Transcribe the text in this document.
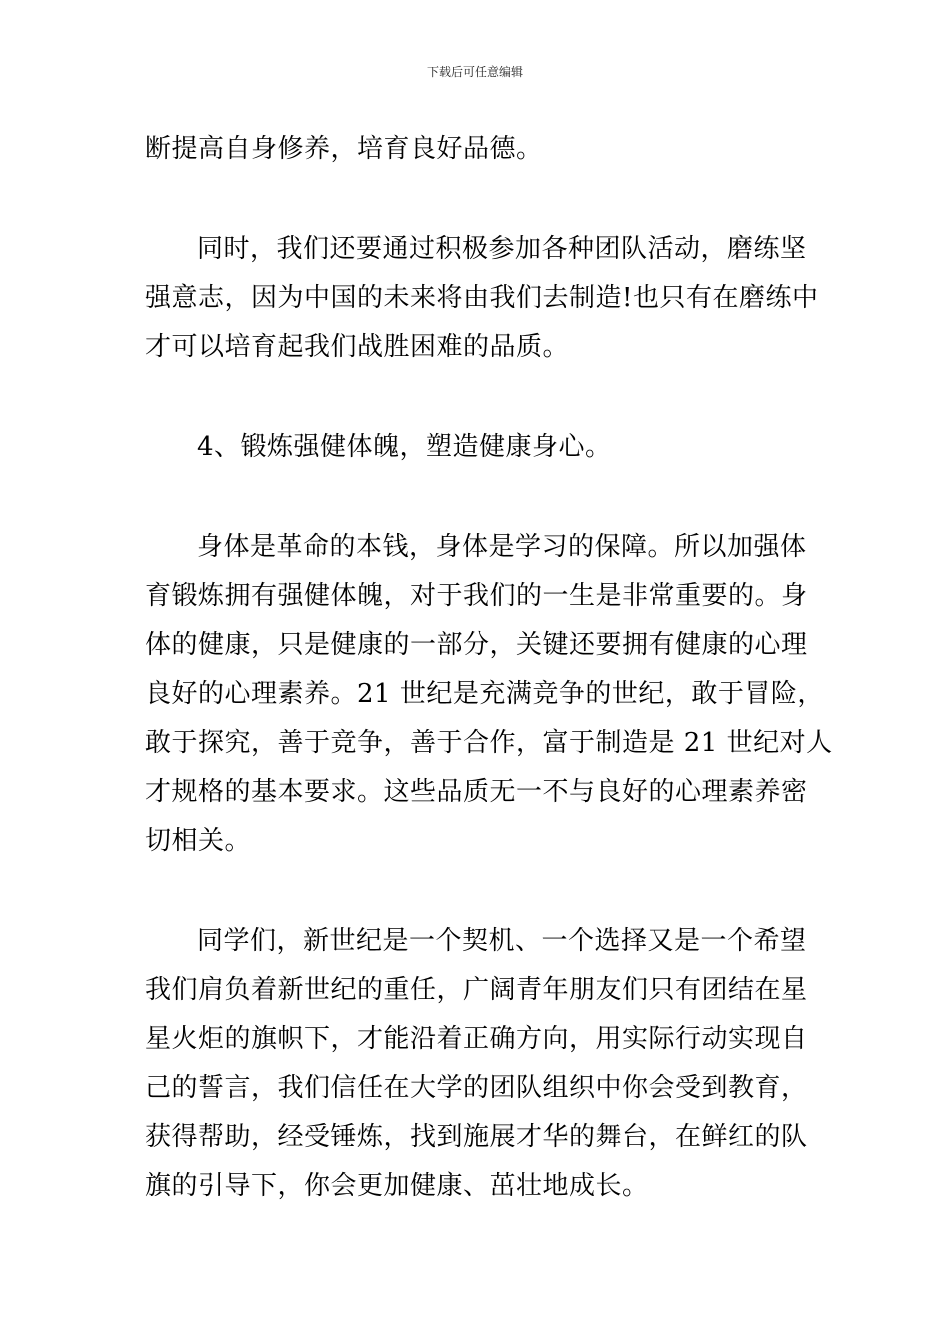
下载后可任意编辑
断提高自身修养，培育良好品德。
同时，我们还要通过积极参加各种团队活动，磨练坚
强意志，因为中国的未来将由我们去制造!也只有在磨练中
才可以培育起我们战胜困难的品质。
4、锻炼强健体魄，塑造健康身心。
身体是革命的本钱，身体是学习的保障。所以加强体
育锻炼拥有强健体魄，对于我们的一生是非常重要的。身
体的健康，只是健康的一部分，关键还要拥有健康的心理
良好的心理素养。21 世纪是充满竞争的世纪，敢于冒险，
敢于探究，善于竞争，善于合作，富于制造是 21 世纪对人
才规格的基本要求。这些品质无一不与良好的心理素养密
切相关。
同学们，新世纪是一个契机、一个选择又是一个希望
我们肩负着新世纪的重任，广阔青年朋友们只有团结在星
星火炬的旗帜下，才能沿着正确方向，用实际行动实现自
己的誓言，我们信任在大学的团队组织中你会受到教育，
获得帮助，经受锤炼，找到施展才华的舞台，在鲜红的队
旗的引导下，你会更加健康、茁壮地成长。
